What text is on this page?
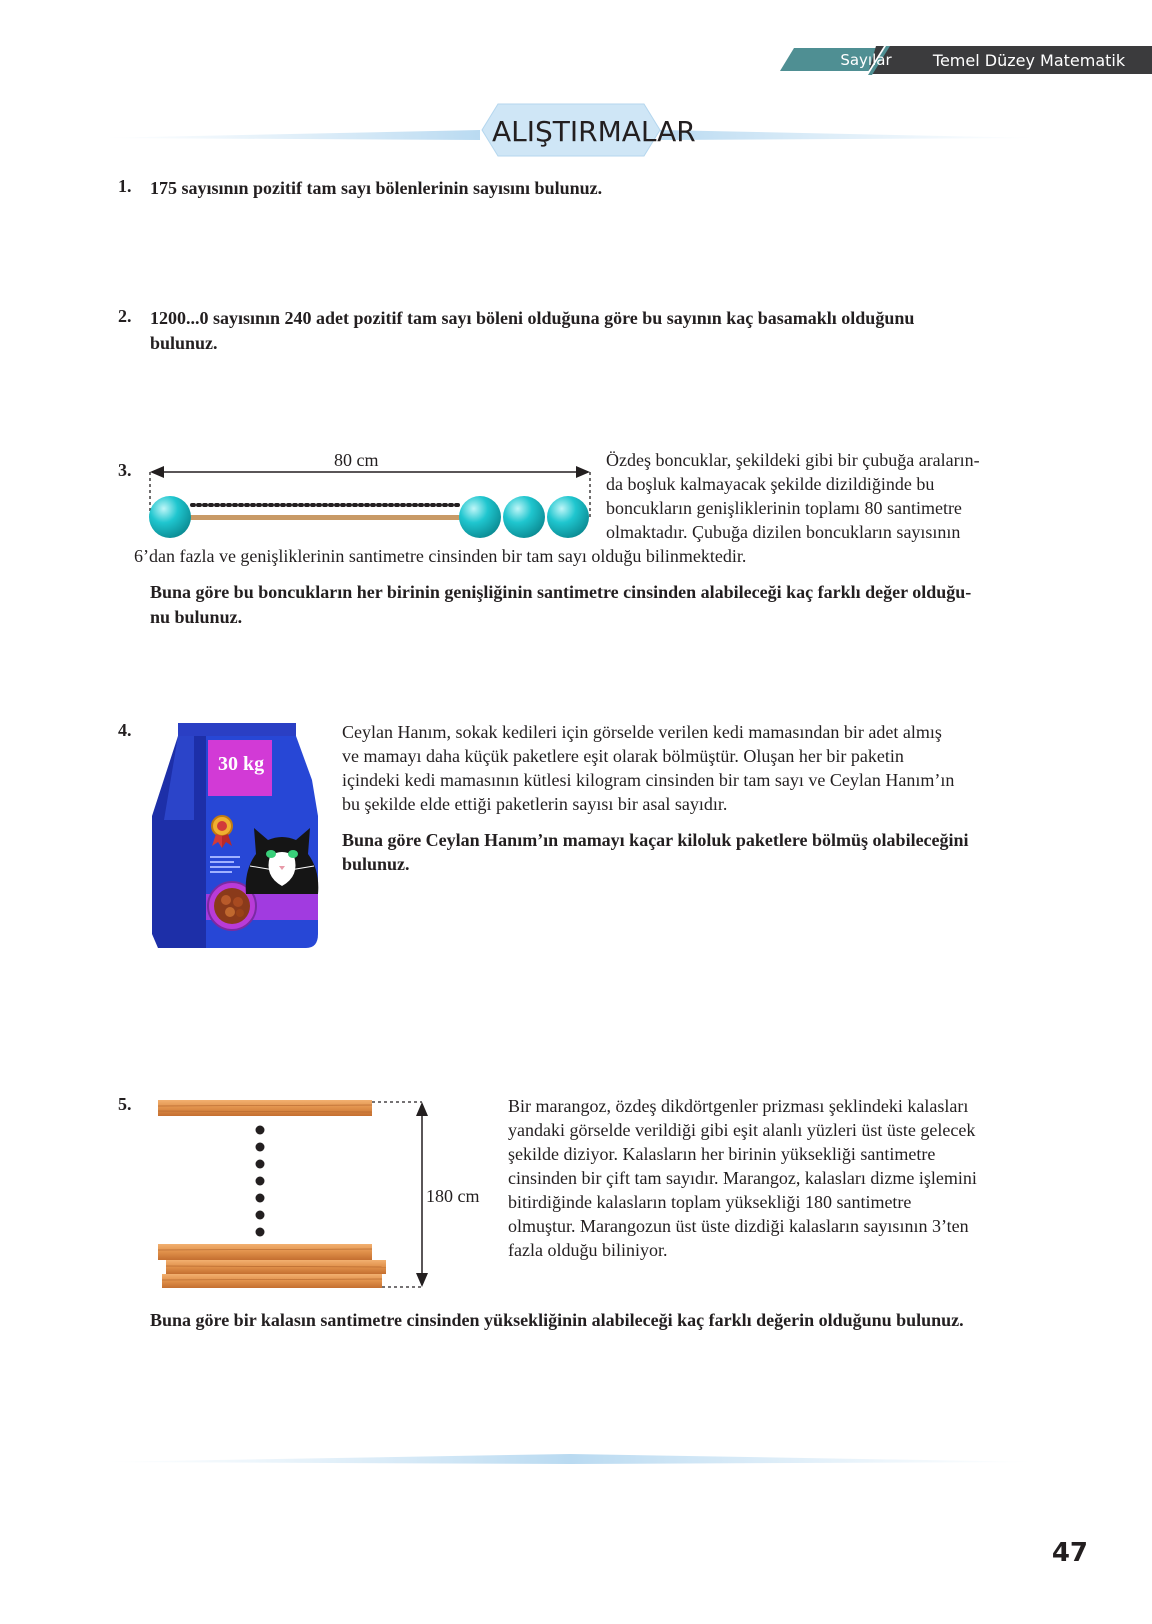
Sayılar	Temel Düzey Matematik 11
ALIŞTIRMALAR
1. 175 sayısının pozitif tam sayı bölenlerinin sayısını bulunuz.
2. 1200...0 sayısının 240 adet pozitif tam sayı böleni olduğuna göre bu sayının kaç basamaklı olduğunu
bulunuz.
3.	80 cm	Özdeş boncuklar, şekildeki gibi bir çubuğa araların-
da boşluk kalmayacak şekilde dizildiğinde bu
boncukların genişliklerinin toplamı 80 santimetre
olmaktadır. Çubuğa dizilen boncukların sayısının
6’dan fazla ve genişliklerinin santimetre cinsinden bir tam sayı olduğu bilinmektedir.
Buna göre bu boncukların her birinin genişliğinin santimetre cinsinden alabileceği kaç farklı değer olduğu-
nu bulunuz.
4.
30 kg
Ceylan Hanım, sokak kedileri için görselde verilen kedi mamasından bir adet almış
ve mamayı daha küçük paketlere eşit olarak bölmüştür. Oluşan her bir paketin
içindeki kedi mamasının kütlesi kilogram cinsinden bir tam sayı ve Ceylan Hanım’ın
bu şekilde elde ettiği paketlerin sayısı bir asal sayıdır.
Buna göre Ceylan Hanım’ın mamayı kaçar kiloluk paketlere bölmüş olabileceğini
bulunuz.
5.
180 cm
Bir marangoz, özdeş dikdörtgenler prizması şeklindeki kalasları
yandaki görselde verildiği gibi eşit alanlı yüzleri üst üste gelecek
şekilde diziyor. Kalasların her birinin yüksekliği santimetre
cinsinden bir çift tam sayıdır. Marangoz, kalasları dizme işlemini
bitirdiğinde kalasların toplam yüksekliği 180 santimetre
olmuştur. Marangozun üst üste dizdiği kalasların sayısının 3’ten
fazla olduğu biliniyor.
Buna göre bir kalasın santimetre cinsinden yüksekliğinin alabileceği kaç farklı değerin olduğunu bulunuz.
47
